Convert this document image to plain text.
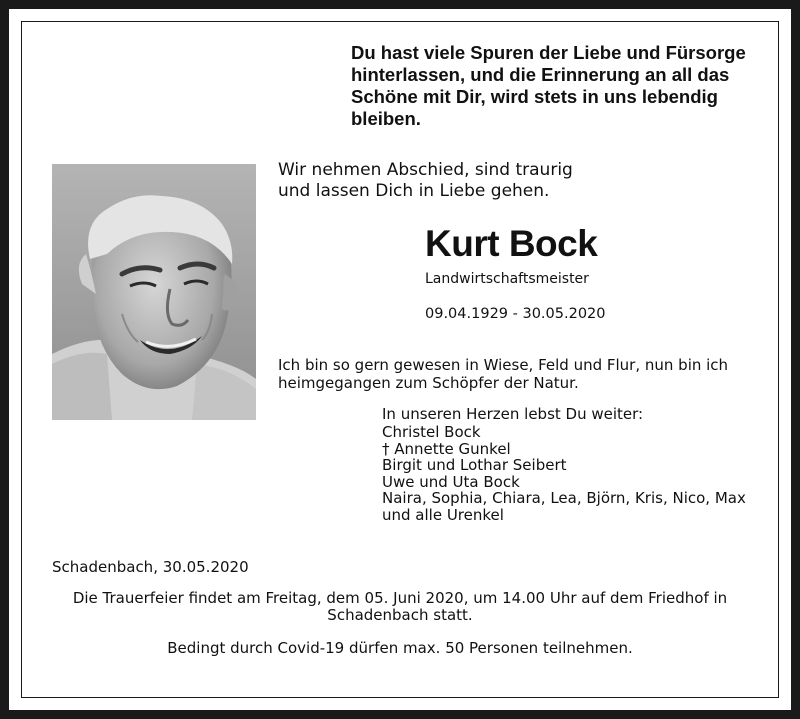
Du hast viele Spuren der Liebe und Fürsorge
hinterlassen, und die Erinnerung an all das
Schöne mit Dir, wird stets in uns lebendig
bleiben.
Wir nehmen Abschied, sind traurig
und lassen Dich in Liebe gehen.
Kurt Bock
Landwirtschaftsmeister
09.04.1929 - 30.05.2020
Ich bin so gern gewesen in Wiese, Feld und Flur, nun bin ich
heimgegangen zum Schöpfer der Natur.
In unseren Herzen lebst Du weiter:
Christel Bock
† Annette Gunkel
Birgit und Lothar Seibert
Uwe und Uta Bock
Naira, Sophia, Chiara, Lea, Björn, Kris, Nico, Max
und alle Urenkel
Schadenbach, 30.05.2020
Die Trauerfeier findet am Freitag, dem 05. Juni 2020, um 14.00 Uhr auf dem Friedhof in
Schadenbach statt.
Bedingt durch Covid-19 dürfen max. 50 Personen teilnehmen.
